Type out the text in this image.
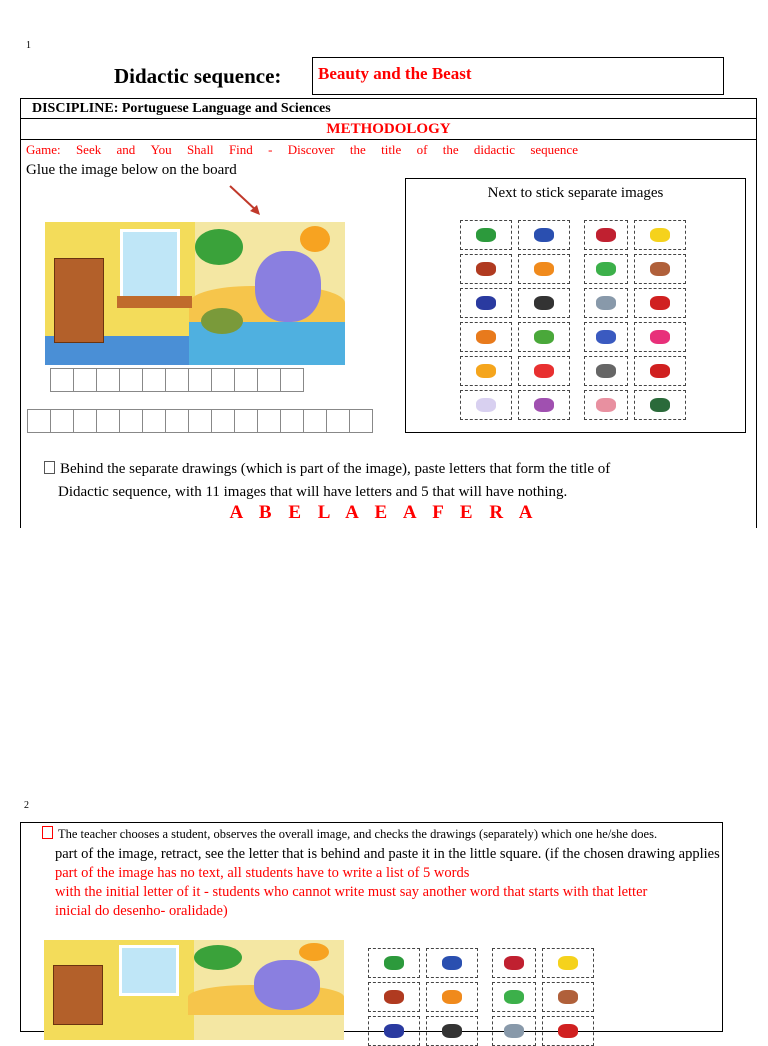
1
Didactic sequence:	Beauty and the Beast
DISCIPLINE: Portuguese Language and Sciences
METHODOLOGY
Game: Seek and You Shall Find - Discover the title of the didactic sequence
Glue the image below on the board
Next to stick separate images
Behind the separate drawings (which is part of the image), paste letters that form the title of
Didactic sequence, with 11 images that will have letters and 5 that will have nothing.
A B E L A E A F E R A
2
The teacher chooses a student, observes the overall image, and checks the drawings (separately) which one he/she does.
part of the image, retract, see the letter that is behind and paste it in the little square. (if the chosen drawing applies
part of the image has no text, all students have to write a list of 5 words
with the initial letter of it - students who cannot write must say another word that starts with that letter
inicial do desenho- oralidade)
